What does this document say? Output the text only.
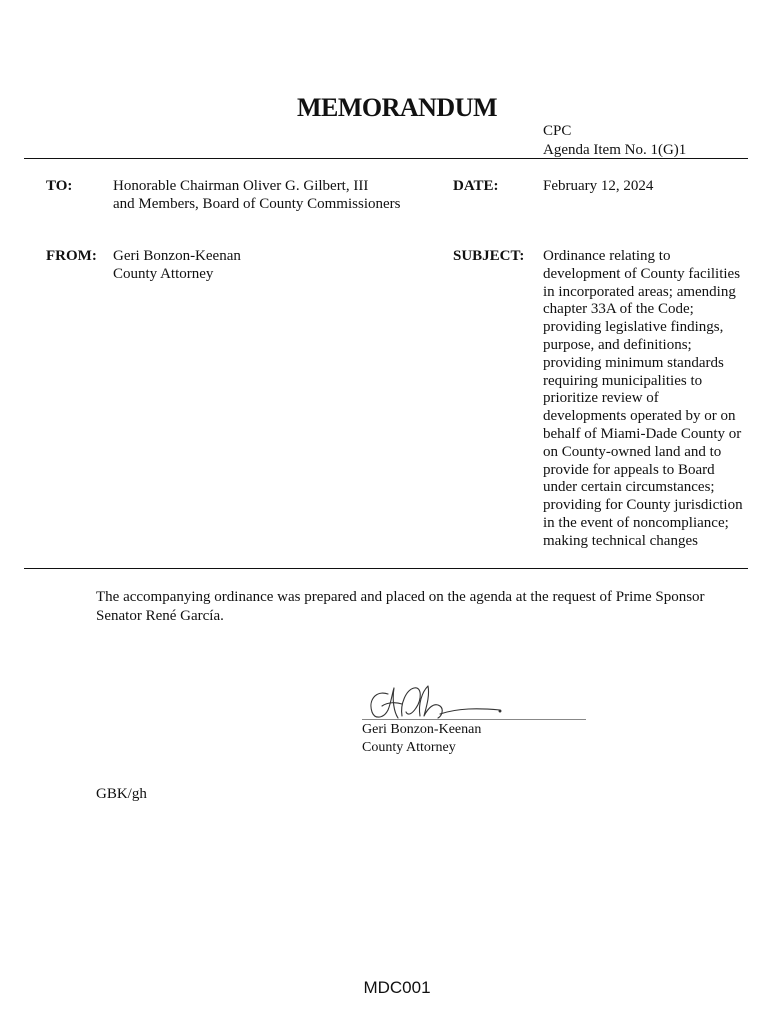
MEMORANDUM
CPC
Agenda Item No. 1(G)1
TO:	Honorable Chairman Oliver G. Gilbert, III
and Members, Board of County Commissioners
DATE:	February 12, 2024
FROM: Geri Bonzon-Keenan
County Attorney
SUBJECT: Ordinance relating to
development of County facilities
in incorporated areas; amending
chapter 33A of the Code;
providing legislative findings,
purpose, and definitions;
providing minimum standards
requiring municipalities to
prioritize review of
developments operated by or on
behalf of Miami-Dade County or
on County-owned land and to
provide for appeals to Board
under certain circumstances;
providing for County jurisdiction
in the event of noncompliance;
making technical changes
The accompanying ordinance was prepared and placed on the agenda at the request of Prime Sponsor
Senator René García.
Geri Bonzon-Keenan
County Attorney
GBK/gh
MDC001
